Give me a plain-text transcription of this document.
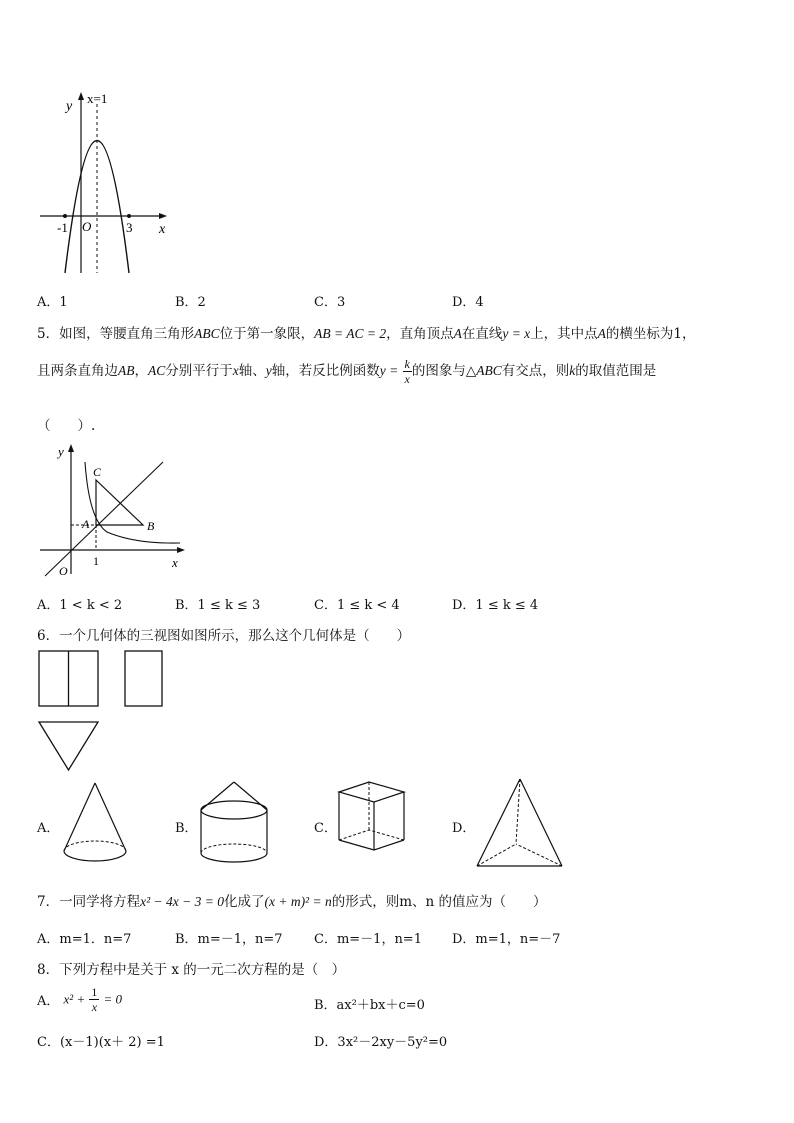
y
x=1
-1 O	3 x
A．1	B．2	C．3	D．4
5．如图，等腰直角三角形ABC位于第一象限，AB = AC = 2，直角顶点A在直线y = x上，其中点A的横坐标为1，
且两条直角边AB，AC分别平行于x轴、y轴，若反比例函数$y = \frac{k}{x}$ 的图象与△ABC有交点，则k的取值范围是
（　　）.
y
C
A	B
1	x
O
A．1 < k < 2	B．1 ≤ k ≤ 3	C．1 ≤ k < 4	D．1 ≤ k ≤ 4
6．一个几何体的三视图如图所示，那么这个几何体是（　　）
A．	B．	C．	D．
7．一同学将方程x² − 4x − 3 = 0化成了(x + m)² = n的形式，则m、n 的值应为（　　）
A．m=1．n=7	B．m=－1，n=7 C．m=－1，n=1 D．m=1，n=－7
8．下列方程中是关于 x 的一元二次方程的是（　）
A． $x^2 + \frac{1}{x} = 0$	B．ax²＋bx＋c=0
C．(x－1)(x＋ 2) =1	D．3x²－2xy－5y²=0
